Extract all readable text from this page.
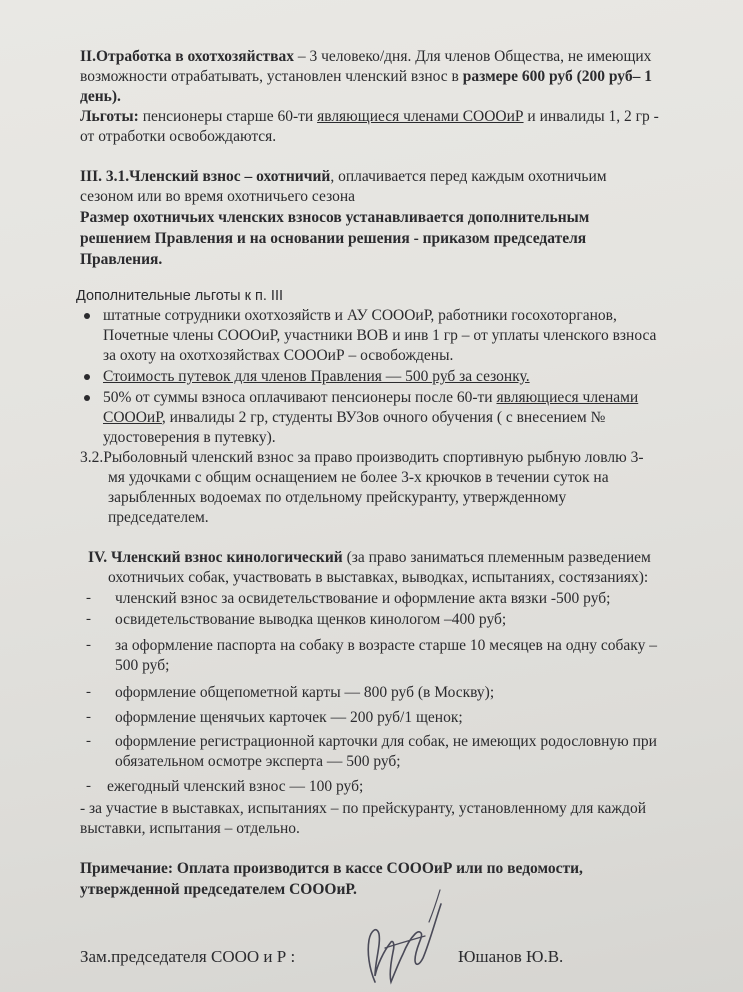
II.Отработка в охотхозяйствах – 3 человеко/дня. Для членов Общества, не имеющих
возможности отрабатывать, установлен членский взнос в размере 600 руб (200 руб– 1
день).
Льготы: пенсионеры старше 60-ти являющиеся членами СОООиР и инвалиды 1, 2 гр -
от отработки освобождаются.
III. 3.1.Членский взнос – охотничий, оплачивается перед каждым охотничьим
сезоном или во время охотничьего сезона
Размер охотничьих членских взносов устанавливается дополнительным
решением Правления и на основании решения - приказом председателя
Правления.
Дополнительные льготы к п. III
штатные сотрудники охотхозяйств и АУ СОООиР, работники госохоторганов,
Почетные члены СОООиР, участники ВОВ и инв 1 гр – от уплаты членского взноса
за охоту на охотхозяйствах СОООиР – освобождены.
Стоимость путевок для членов Правления — 500 руб за сезонку.
50% от суммы взноса оплачивают пенсионеры после 60-ти являющиеся членами
СОООиР, инвалиды 2 гр, студенты ВУЗов очного обучения ( с внесением №
удостоверения в путевку).
3.2.Рыболовный членский взнос за право производить спортивную рыбную ловлю 3-
мя удочками с общим оснащением не более 3-х крючков в течении суток на
зарыбленных водоемах по отдельному прейскуранту, утвержденному
председателем.
IV. Членский взнос кинологический (за право заниматься племенным разведением
охотничьих собак, участвовать в выставках, выводках, испытаниях, состязаниях):
- членский взнос за освидетельствование и оформление акта вязки -500 руб;
- освидетельствование выводка щенков кинологом –400 руб;
- за оформление паспорта на собаку в возрасте старше 10 месяцев на одну собаку –
500 руб;
- оформление общепометной карты — 800 руб (в Москву);
- оформление щенячьих карточек — 200 руб/1 щенок;
- оформление регистрационной карточки для собак, не имеющих родословную при
обязательном осмотре эксперта — 500 руб;
- ежегодный членский взнос — 100 руб;
- за участие в выставках, испытаниях – по прейскуранту, установленному для каждой
выставки, испытания – отдельно.
Примечание: Оплата производится в кассе СОООиР или по ведомости,
утвержденной председателем СОООиР.
Зам.председателя СООО и Р :	Юшанов Ю.В.
